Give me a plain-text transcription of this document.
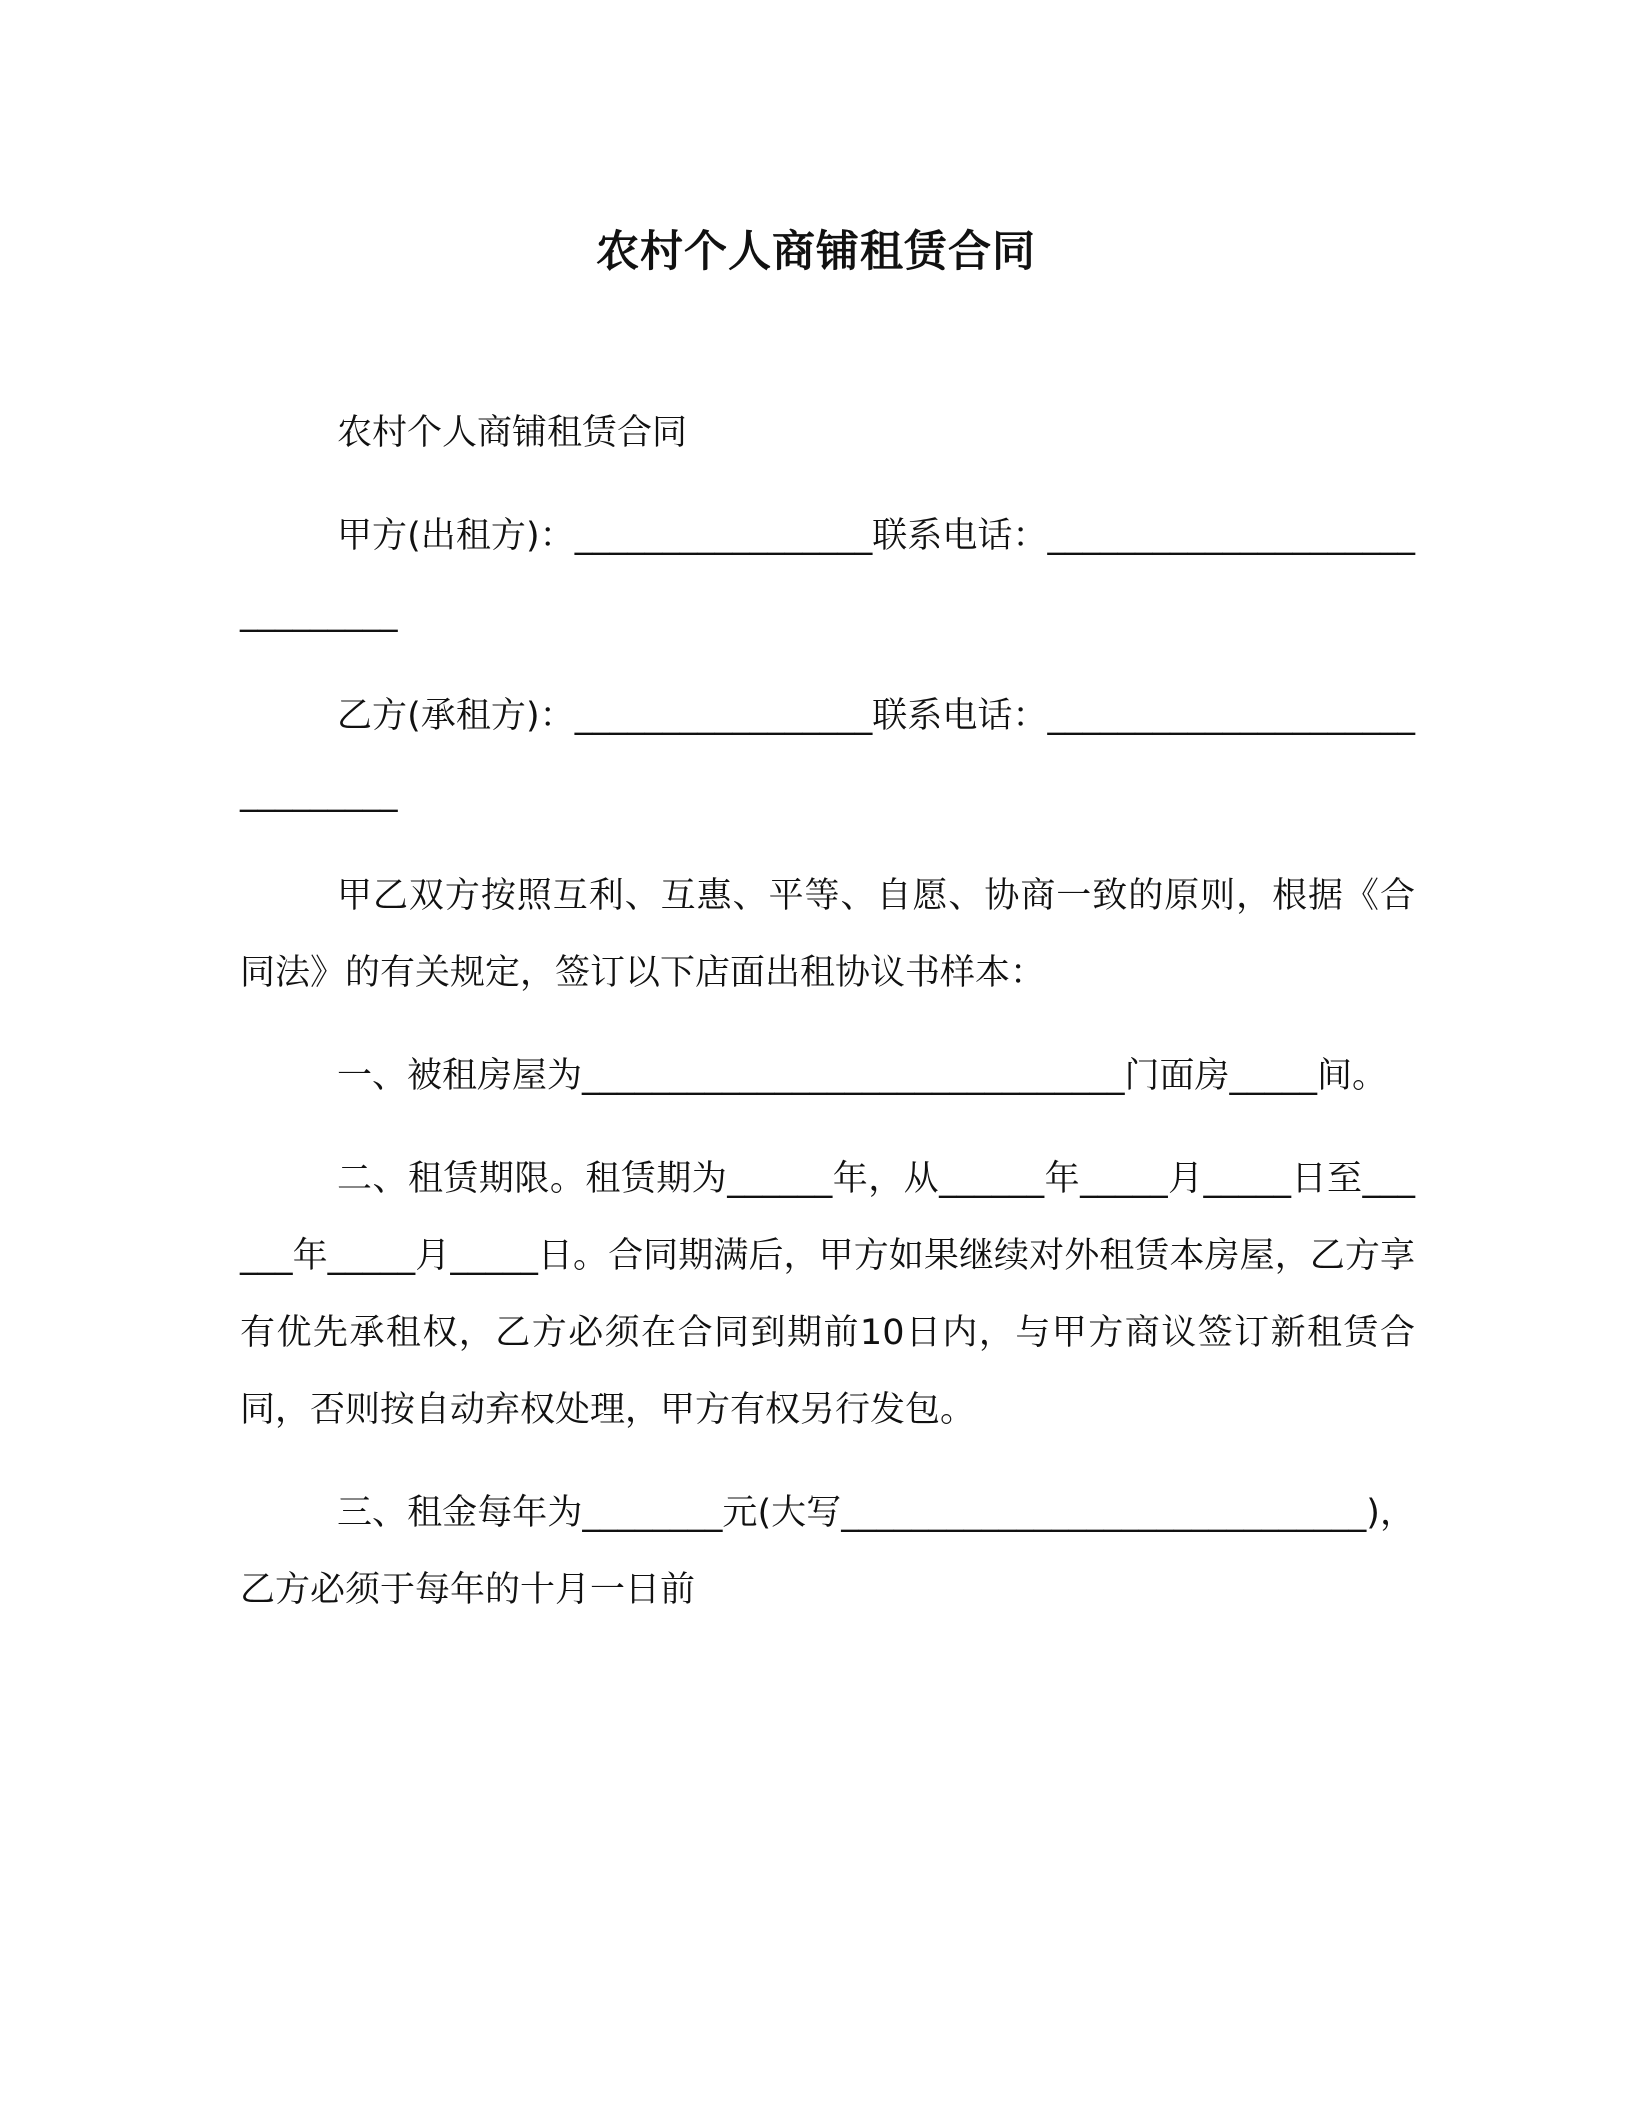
农村个人商铺租赁合同

农村个人商铺租赁合同

甲方(出租方)：_________________联系电话：______________________________

乙方(承租方)：_________________联系电话：______________________________

甲乙双方按照互利、互惠、平等、自愿、协商一致的原则，根据《合同法》的有关规定，签订以下店面出租协议书样本：

一、被租房屋为_______________________________门面房_____间。

二、租赁期限。租赁期为______年，从______年_____月_____日至______年_____月_____日。合同期满后，甲方如果继续对外租赁本房屋，乙方享有优先承租权，乙方必须在合同到期前10日内，与甲方商议签订新租赁合同，否则按自动弃权处理，甲方有权另行发包。

三、租金每年为________元(大写______________________________)，乙方必须于每年的十月一日前
